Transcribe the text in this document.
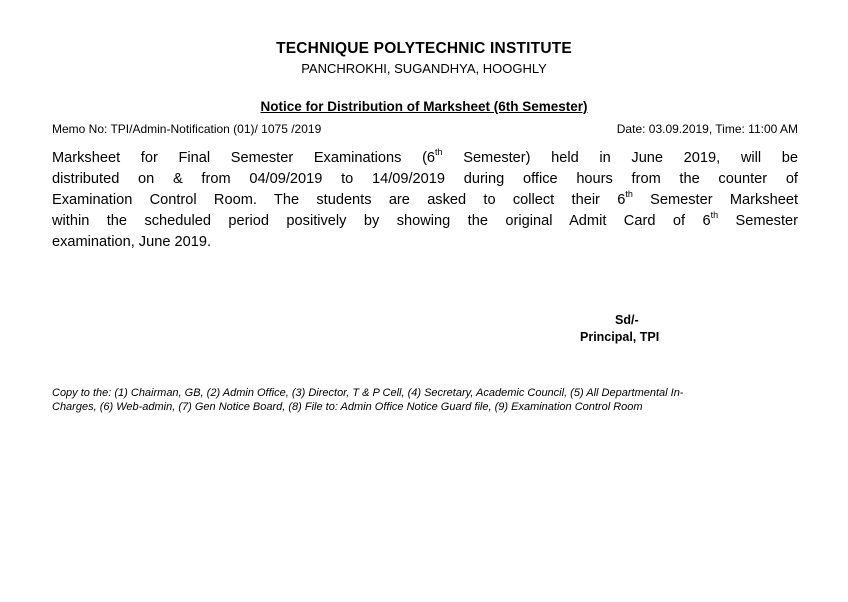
TECHNIQUE POLYTECHNIC INSTITUTE
PANCHROKHI, SUGANDHYA, HOOGHLY
Notice for Distribution of Marksheet (6th Semester)
Memo No: TPI/Admin-Notification (01)/ 1075 /2019	Date: 03.09.2019, Time: 11:00 AM
Marksheet for Final Semester Examinations (6th Semester) held in June 2019, will be
distributed on & from 04/09/2019 to 14/09/2019 during office hours from the counter of
Examination Control Room. The students are asked to collect their 6th Semester Marksheet
within the scheduled period positively by showing the original Admit Card of 6th Semester
examination, June 2019.
Sd/-
Principal, TPI
Copy to the: (1) Chairman, GB, (2) Admin Office, (3) Director, T & P Cell, (4) Secretary, Academic Council, (5) All Departmental In-
Charges, (6) Web-admin, (7) Gen Notice Board, (8) File to: Admin Office Notice Guard file, (9) Examination Control Room
